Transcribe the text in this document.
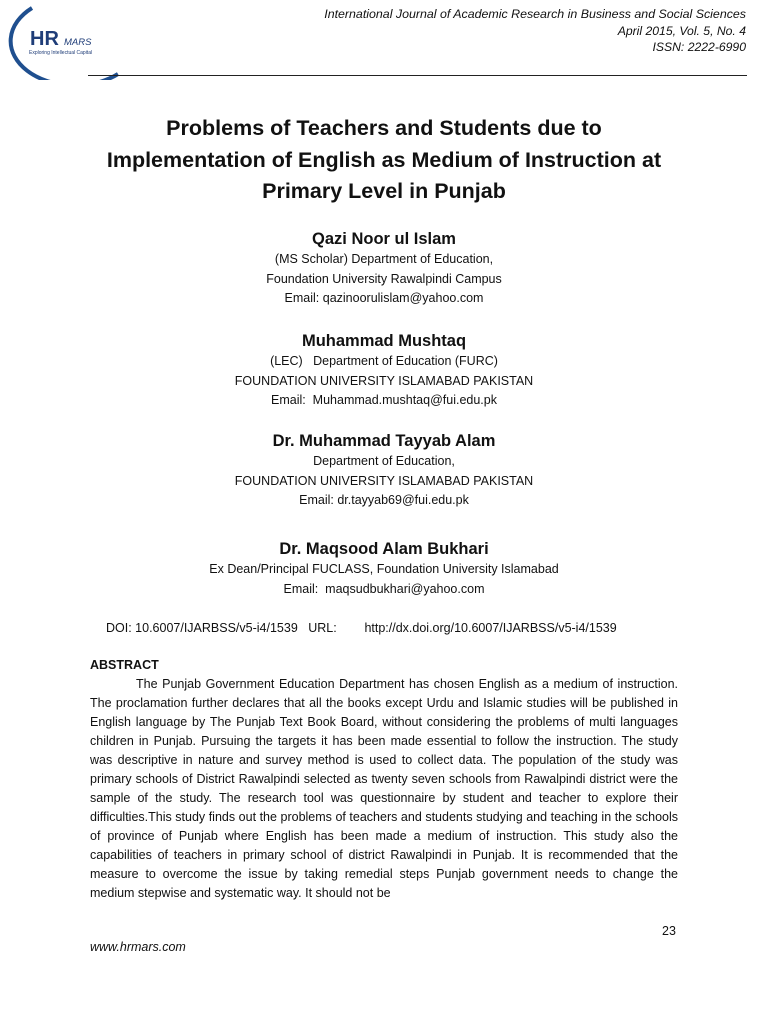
HR MARS
Exploring Intellectual Capital
International Journal of Academic Research in Business and Social Sciences
April 2015, Vol. 5, No. 4
ISSN: 2222-6990
Problems of Teachers and Students due to
Implementation of English as Medium of Instruction at
Primary Level in Punjab
Qazi Noor ul Islam
(MS Scholar) Department of Education,
Foundation University Rawalpindi Campus
Email: qazinoorulislam@yahoo.com
Muhammad Mushtaq
(LEC)   Department of Education (FURC)
FOUNDATION UNIVERSITY ISLAMABAD PAKISTAN
Email:  Muhammad.mushtaq@fui.edu.pk
Dr. Muhammad Tayyab Alam
Department of Education,
FOUNDATION UNIVERSITY ISLAMABAD PAKISTAN
Email: dr.tayyab69@fui.edu.pk
Dr. Maqsood Alam Bukhari
Ex Dean/Principal FUCLASS, Foundation University Islamabad
Email:  maqsudbukhari@yahoo.com
DOI: 10.6007/IJARBSS/v5-i4/1539   URL:        http://dx.doi.org/10.6007/IJARBSS/v5-i4/1539
ABSTRACT

The Punjab Government Education Department has chosen English as a medium of instruction. The proclamation further declares that all the books except Urdu and Islamic studies will be published in English language by The Punjab Text Book Board, without considering the problems of multi languages children in Punjab. Pursuing the targets it has been made essential to follow the instruction. The study was descriptive in nature and survey method is used to collect data. The population of the study was primary schools of District Rawalpindi selected as twenty seven schools from Rawalpindi district were the sample of the study. The research tool was questionnaire by student and teacher to explore their difficulties.This study finds out the problems of teachers and students studying and teaching in the schools of province of Punjab where English has been made a medium of instruction. This study also the capabilities of teachers in primary school of district Rawalpindi in Punjab. It is recommended that the measure to overcome the issue by taking remedial steps Punjab government needs to change the medium stepwise and systematic way. It should not be

23
www.hrmars.com
